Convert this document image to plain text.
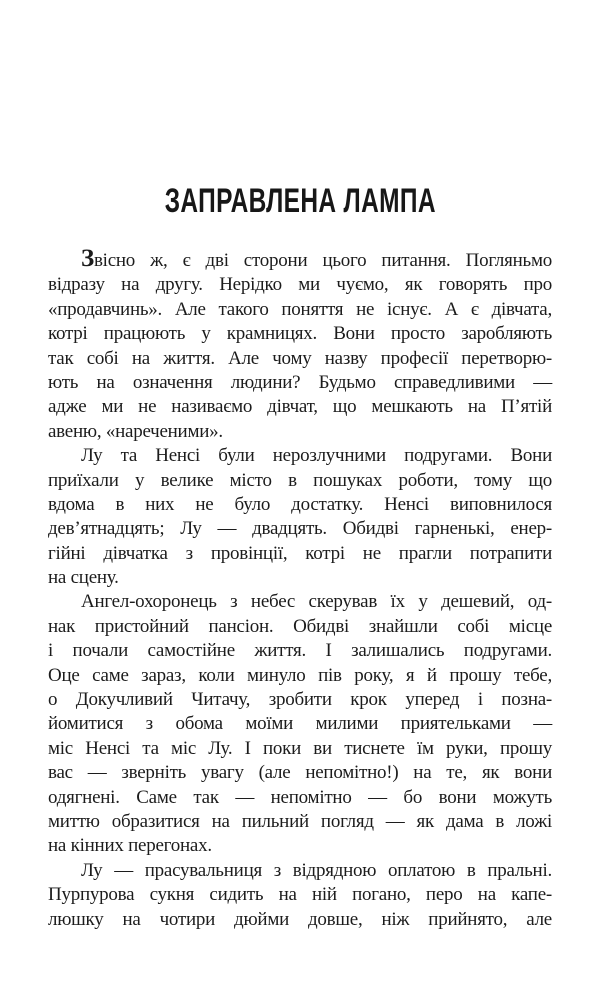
ЗАПРАВЛЕНА ЛАМПА
Звісно ж, є дві сторони цього питання. Погляньмо
відразу на другу. Нерідко ми чуємо, як говорять про
«продавчинь». Але такого поняття не існує. А є дівчата,
котрі працюють у крамницях. Вони просто заробляють
так собі на життя. Але чому назву професії перетворю-
ють на означення людини? Будьмо справедливими —
адже ми не називаємо дівчат, що мешкають на П’ятій
авеню, «нареченими».
Лу та Ненсі були нерозлучними подругами. Вони
приїхали у велике місто в пошуках роботи, тому що
вдома в них не було достатку. Ненсі виповнилося
дев’ятнадцять; Лу — двадцять. Обидві гарненькі, енер-
гійні дівчатка з провінції, котрі не прагли потрапити
на сцену.
Ангел-охоронець з небес скерував їх у дешевий, од-
нак пристойний пансіон. Обидві знайшли собі місце
і почали самостійне життя. І залишались подругами.
Оце саме зараз, коли минуло пів року, я й прошу тебе,
о Докучливий Читачу, зробити крок уперед і позна-
йомитися з обома моїми милими приятельками —
міс Ненсі та міс Лу. І поки ви тиснете їм руки, прошу
вас — зверніть увагу (але непомітно!) на те, як вони
одягнені. Саме так — непомітно — бо вони можуть
миттю образитися на пильний погляд — як дама в ложі
на кінних перегонах.
Лу — прасувальниця з відрядною оплатою в пральні.
Пурпурова сукня сидить на ній погано, перо на капе-
люшку на чотири дюйми довше, ніж прийнято, але
